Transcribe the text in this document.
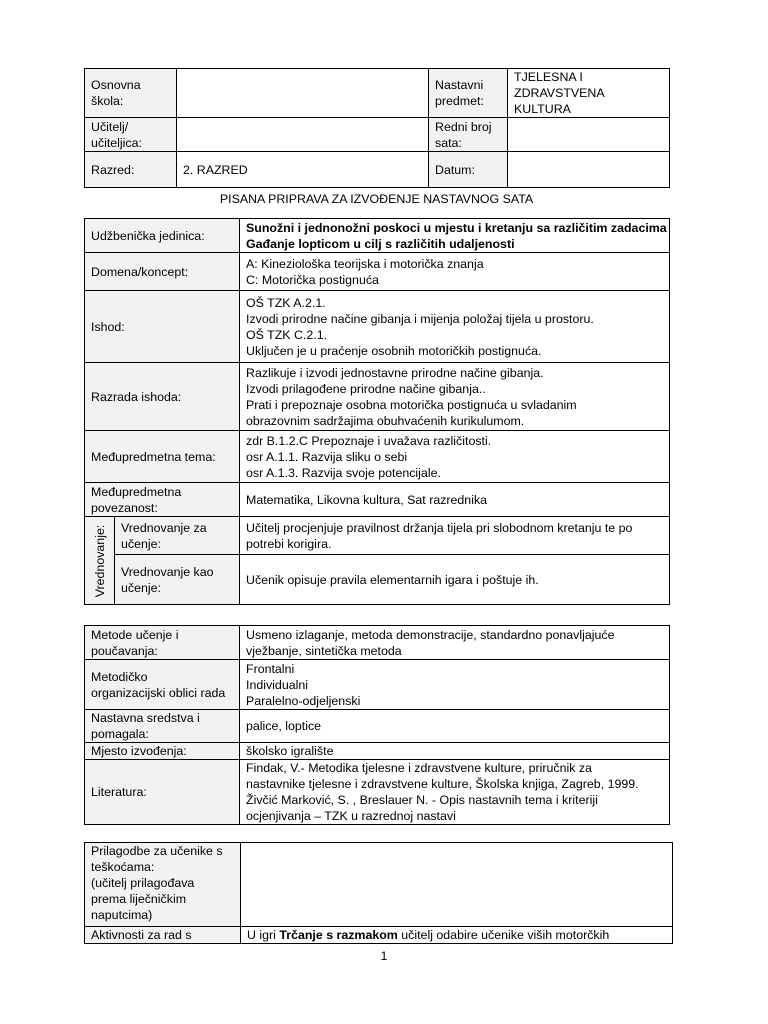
Osnovna
škola:		Nastavni
predmet:	TJELESNA I
ZDRAVSTVENA KULTURA

Učitelj/
učiteljica:		Redni broj
sata:	

Razred:	2. RAZRED	Datum:	

PISANA PRIPRAVA ZA IZVOĐENJE NASTAVNOG SATA
Udžbenička jedinica:		Sunožni i jednonožni poskoci u mjestu i kretanju sa različitim zadacima
Gađanje lopticom u cilj s različitih udaljenosti

Domena/koncept:		A: Kineziološka teorijska i motorička znanja
C: Motorička postignuća

Ishod:		OŠ TZK A.2.1.
Izvodi prirodne načine gibanja i mijenja položaj tijela u prostoru.
OŠ TZK C.2.1.
Uključen je u praćenje osobnih motoričkih postignuća.

Razrada ishoda:		Razlikuje i izvodi jednostavne prirodne načine gibanja.
Izvodi prilagođene prirodne načine gibanja..
Prati i prepoznaje osobna motorička postignuća u svladanim
obrazovnim sadržajima obuhvaćenih kurikulumom.

Međupredmetna tema:		zdr B.1.2.C Prepoznaje i uvažava različitosti.
osr A.1.1. Razvija sliku o sebi
osr A.1.3. Razvija svoje potencijale.

Međupredmetna
povezanost:		Matematika, Likovna kultura, Sat razrednika

Vrednovanje:	Vrednovanje za
učenje:	Učitelj procjenjuje pravilnost držanja tijela pri slobodnom kretanju te po
potrebi korigira.

	Vrednovanje kao
učenje:	Učenik opisuje pravila elementarnih igara i poštuje ih.
Metode učenje i
poučavanja:	Usmeno izlaganje, metoda demonstracije, standardno ponavljajuće
vježbanje, sintetička metoda

Metodičko
organizacijski oblici rada	Frontalni
Individualni
Paralelno-odjeljenski

Nastavna sredstva i
pomagala:	palice, loptice

Mjesto izvođenja:	školsko igralište

Literatura:	Findak, V.- Metodika tjelesne i zdravstvene kulture, priručnik za
nastavnike tjelesne i zdravstvene kulture, Školska knjiga, Zagreb, 1999.
Živčić Marković, S. , Breslauer N. - Opis nastavnih tema i kriteriji
ocjenjivanja – TZK u razrednoj nastavi
Prilagodbe za učenike s
teškoćama:
(učitelj prilagođava
prema liječničkim
naputcima)	

Aktivnosti za rad s	U igri Trčanje s razmakom učitelj odabire učenike viših motorčkih
1
